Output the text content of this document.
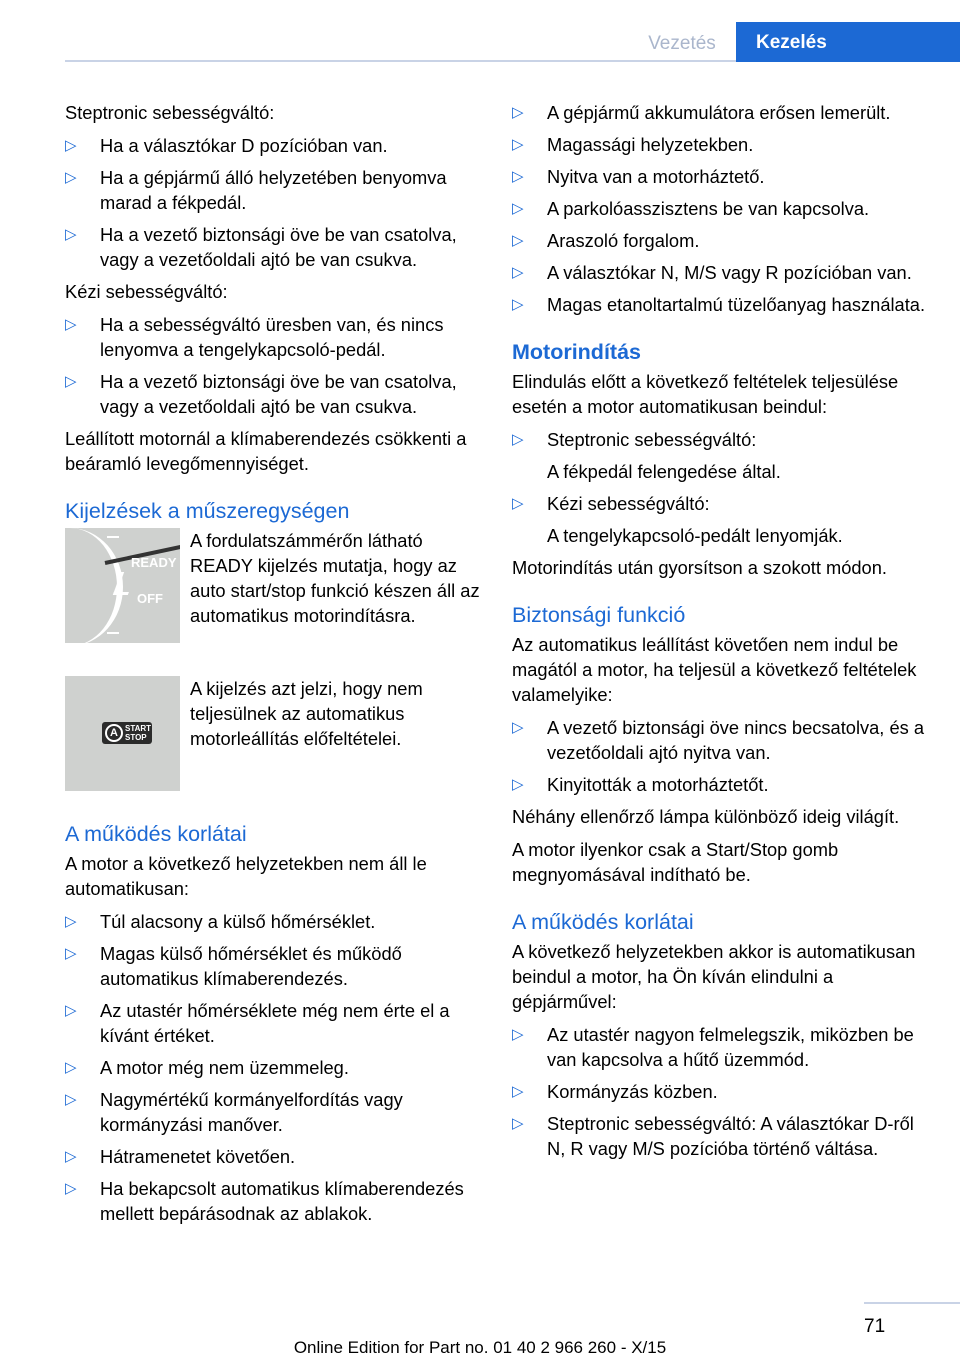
Vezetés	Kezelés

Steptronic sebességváltó:

▷ Ha a választókar D pozícióban van.
▷ Ha a gépjármű álló helyzetében benyomva marad a fékpedál.
▷ Ha a vezető biztonsági öve be van csatolva, vagy a vezetőoldali ajtó be van csukva.

Kézi sebességváltó:

▷ Ha a sebességváltó üresben van, és nincs lenyomva a tengelykapcsoló-pedál.
▷ Ha a vezető biztonsági öve be van csatolva, vagy a vezetőoldali ajtó be van csukva.

Leállított motornál a klímaberendezés csökkenti a beáramló levegőmennyiséget.

Kijelzések a műszeregységen
READY
OFF
A fordulatszámmérőn látható READY kijelzés mutatja, hogy az auto start/stop funkció készen áll az automatikus motorindításra.
A START STOP
A kijelzés azt jelzi, hogy nem teljesülnek az automatikus motorleállítás előfeltételei.
A működés korlátai

A motor a következő helyzetekben nem áll le automatikusan:

▷ Túl alacsony a külső hőmérséklet.
▷ Magas külső hőmérséklet és működő automatikus klímaberendezés.
▷ Az utastér hőmérséklete még nem érte el a kívánt értéket.
▷ A motor még nem üzemmeleg.
▷ Nagymértékű kormányelfordítás vagy kormányzási manőver.
▷ Hátramenetet követően.
▷ Ha bekapcsolt automatikus klímaberendezés mellett bepárásodnak az ablakok.
▷ A gépjármű akkumulátora erősen lemerült.
▷ Magassági helyzetekben.
▷ Nyitva van a motorháztető.
▷ A parkolóasszisztens be van kapcsolva.
▷ Araszoló forgalom.
▷ A választókar N, M/S vagy R pozícióban van.
▷ Magas etanoltartalmú tüzelőanyag használata.
Motorindítás

Elindulás előtt a következő feltételek teljesülése esetén a motor automatikusan beindul:

▷ Steptronic sebességváltó:
A fékpedál felengedése által.
▷ Kézi sebességváltó:
A tengelykapcsoló-pedált lenyomják.

Motorindítás után gyorsítson a szokott módon.

Biztonsági funkció

Az automatikus leállítást követően nem indul be magától a motor, ha teljesül a következő feltételek valamelyike:

▷ A vezető biztonsági öve nincs becsatolva, és a vezetőoldali ajtó nyitva van.
▷ Kinyitották a motorháztetőt.

Néhány ellenőrző lámpa különböző ideig világít.

A motor ilyenkor csak a Start/Stop gomb megnyomásával indítható be.

A működés korlátai

A következő helyzetekben akkor is automatikusan beindul a motor, ha Ön kíván elindulni a gépjárművel:

▷ Az utastér nagyon felmelegszik, miközben be van kapcsolva a hűtő üzemmód.
▷ Kormányzás közben.
▷ Steptronic sebességváltó: A választókar D-ről N, R vagy M/S pozícióba történő váltása.
71
Online Edition for Part no. 01 40 2 966 260 - X/15
